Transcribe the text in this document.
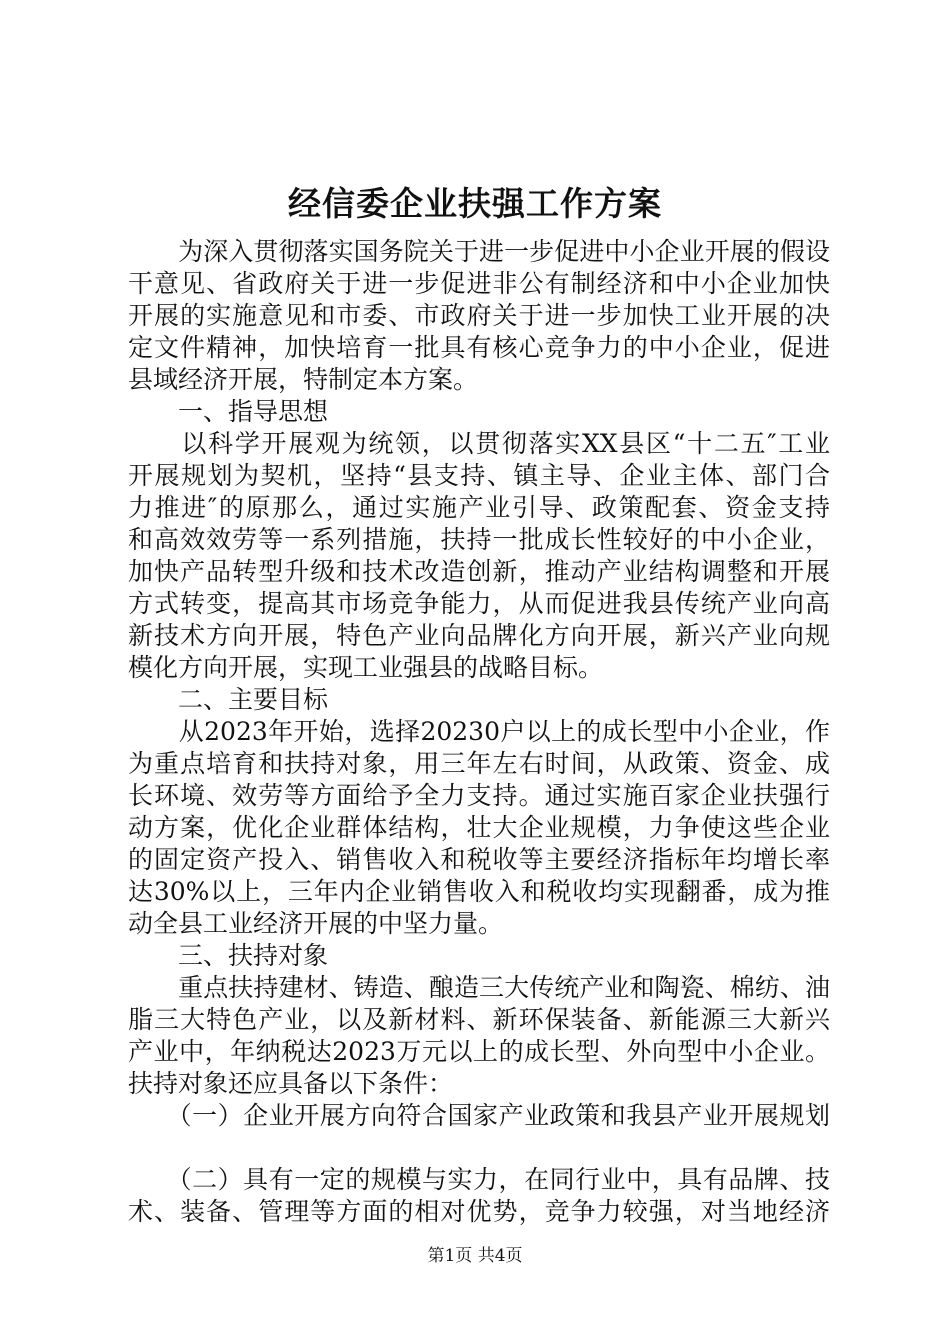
经信委企业扶强工作方案
　　为深入贯彻落实国务院关于进一步促进中小企业开展的假设
干意见、省政府关于进一步促进非公有制经济和中小企业加快
开展的实施意见和市委、市政府关于进一步加快工业开展的决
定文件精神，加快培育一批具有核心竞争力的中小企业，促进
县域经济开展，特制定本方案。
　　一、指导思想
　　以科学开展观为统领，以贯彻落实XX县区“十二五″工业
开展规划为契机，坚持“县支持、镇主导、企业主体、部门合
力推进″的原那么，通过实施产业引导、政策配套、资金支持
和高效效劳等一系列措施，扶持一批成长性较好的中小企业，
加快产品转型升级和技术改造创新，推动产业结构调整和开展
方式转变，提高其市场竞争能力，从而促进我县传统产业向高
新技术方向开展，特色产业向品牌化方向开展，新兴产业向规
模化方向开展，实现工业强县的战略目标。
　　二、主要目标
　　从2023年开始，选择20230户以上的成长型中小企业，作
为重点培育和扶持对象，用三年左右时间，从政策、资金、成
长环境、效劳等方面给予全力支持。通过实施百家企业扶强行
动方案，优化企业群体结构，壮大企业规模，力争使这些企业
的固定资产投入、销售收入和税收等主要经济指标年均增长率
达30%以上，三年内企业销售收入和税收均实现翻番，成为推
动全县工业经济开展的中坚力量。
　　三、扶持对象
　　重点扶持建材、铸造、酿造三大传统产业和陶瓷、棉纺、油
脂三大特色产业，以及新材料、新环保装备、新能源三大新兴
产业中，年纳税达2023万元以上的成长型、外向型中小企业。
扶持对象还应具备以下条件：
　　（一）企业开展方向符合国家产业政策和我县产业开展规划
　　（二）具有一定的规模与实力，在同行业中，具有品牌、技
术、装备、管理等方面的相对优势，竞争力较强，对当地经济
第1页 共4页
